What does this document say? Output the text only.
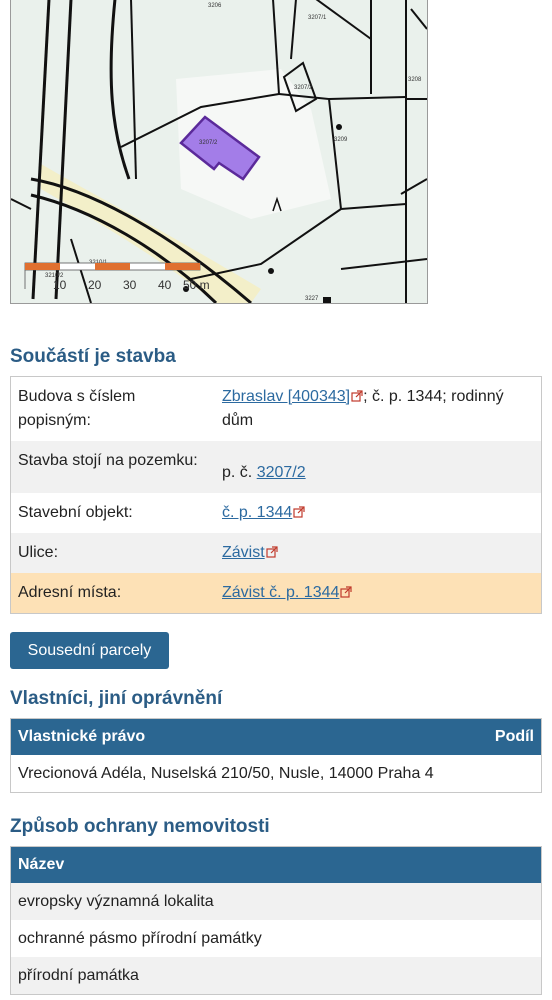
3206
3207/1
3207/2	3209
3208
3207/2
3210/2
3227
10 20 30 40 50 m
Součástí je stavba
Budova s číslem popisným:	Zbraslav [400343] ; č. p. 1344; rodinný dům
Stavba stojí na pozemku:	p. č. 3207/2
Stavební objekt:	č. p. 1344
Ulice:	Závist
Adresní místa:	Závist č. p. 1344
Sousední parcely
Vlastníci, jiní oprávnění
Vlastnické právo	Podíl
Vrecionová Adéla, Nuselská 210/50, Nusle, 14000 Praha 4
Způsob ochrany nemovitosti
Název
evropsky významná lokalita
ochranné pásmo přírodní památky
přírodní památka
